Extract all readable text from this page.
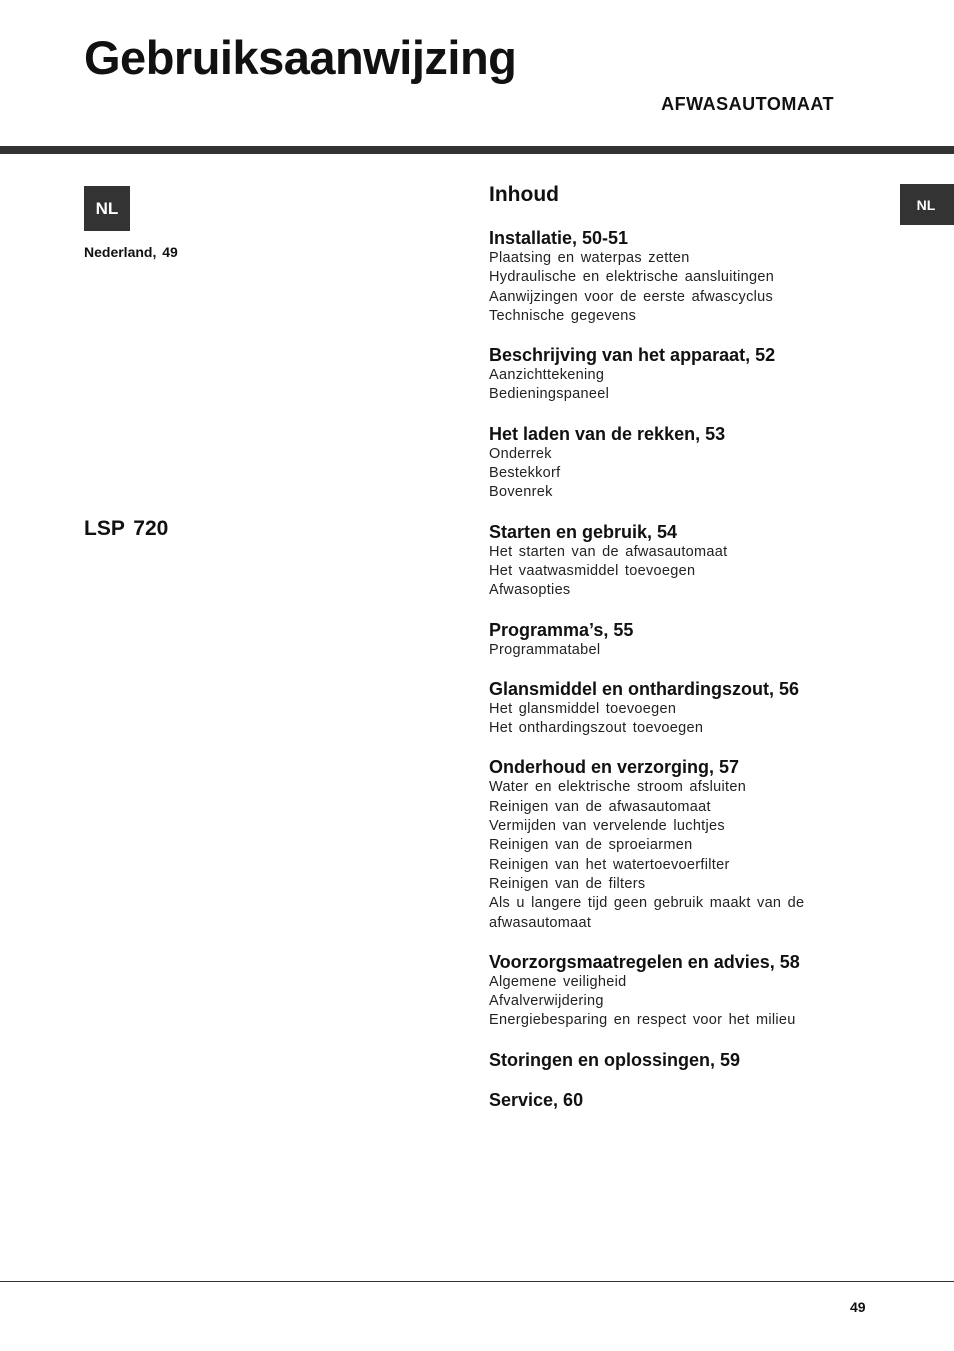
Gebruiksaanwijzing
AFWASAUTOMAAT
NL
Nederland, 49
NL
LSP 720
Inhoud
Installatie, 50-51
Plaatsing en waterpas zetten
Hydraulische en elektrische aansluitingen
Aanwijzingen voor de eerste afwascyclus
Technische gegevens
Beschrijving van het apparaat, 52
Aanzichttekening
Bedieningspaneel
Het laden van de rekken, 53
Onderrek
Bestekkorf
Bovenrek
Starten en gebruik, 54
Het starten van de afwasautomaat
Het vaatwasmiddel toevoegen
Afwasopties
Programma’s, 55
Programmatabel
Glansmiddel en onthardingszout, 56
Het glansmiddel toevoegen
Het onthardingszout toevoegen
Onderhoud en verzorging, 57
Water en elektrische stroom afsluiten
Reinigen van de afwasautomaat
Vermijden van vervelende luchtjes
Reinigen van de sproeiarmen
Reinigen van het watertoevoerfilter
Reinigen van de filters
Als u langere tijd geen gebruik maakt van de
afwasautomaat
Voorzorgsmaatregelen en advies, 58
Algemene veiligheid
Afvalverwijdering
Energiebesparing en respect voor het milieu
Storingen en oplossingen, 59
Service, 60
49
